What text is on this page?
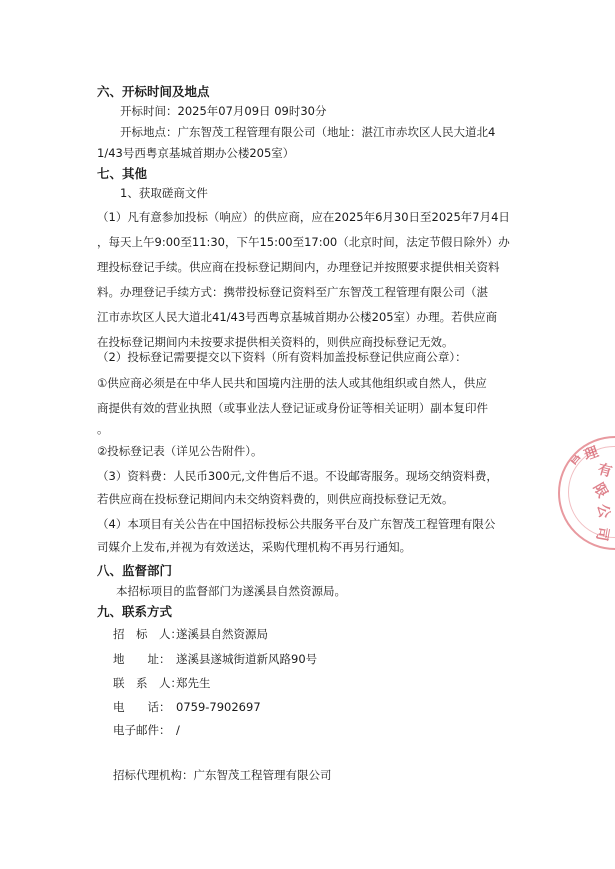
六、开标时间及地点
开标时间：2025年07月09日 09时30分
开标地点：广东智茂工程管理有限公司（地址：湛江市赤坎区人民大道北4
1/43号西粤京基城首期办公楼205室）
七、其他
1、获取磋商文件
（1）凡有意参加投标（响应）的供应商，应在2025年6月30日至2025年7月4日
，每天上午9:00至11:30，下午15:00至17:00（北京时间，法定节假日除外）办
理投标登记手续。供应商在投标登记期间内，办理登记并按照要求提供相关资料
料。办理登记手续方式：携带投标登记资料至广东智茂工程管理有限公司（湛
江市赤坎区人民大道北41/43号西粤京基城首期办公楼205室）办理。若供应商
在投标登记期间内未按要求提供相关资料的，则供应商投标登记无效。
（2）投标登记需要提交以下资料（所有资料加盖投标登记供应商公章）：
①供应商必须是在中华人民共和国境内注册的法人或其他组织或自然人，供应
商提供有效的营业执照（或事业法人登记证或身份证等相关证明）副本复印件
。
②投标登记表（详见公告附件）。
（3）资料费：人民币300元,文件售后不退。不设邮寄服务。现场交纳资料费，
若供应商在投标登记期间内未交纳资料费的，则供应商投标登记无效。
（4）本项目有关公告在中国招标投标公共服务平台及广东智茂工程管理有限公
司媒介上发布,并视为有效送达，采购代理机构不再另行通知。
八、监督部门
本招标项目的监督部门为遂溪县自然资源局。
九、联系方式
招　标　人：
遂溪县自然资源局
地　　址： 遂溪县遂城街道新风路90号
联　系　人：
郑先生
电　　话： 0759-7902697
电子邮件： /
招标代理机构：广东智茂工程管理有限公司
管
理
有
限
公
司
